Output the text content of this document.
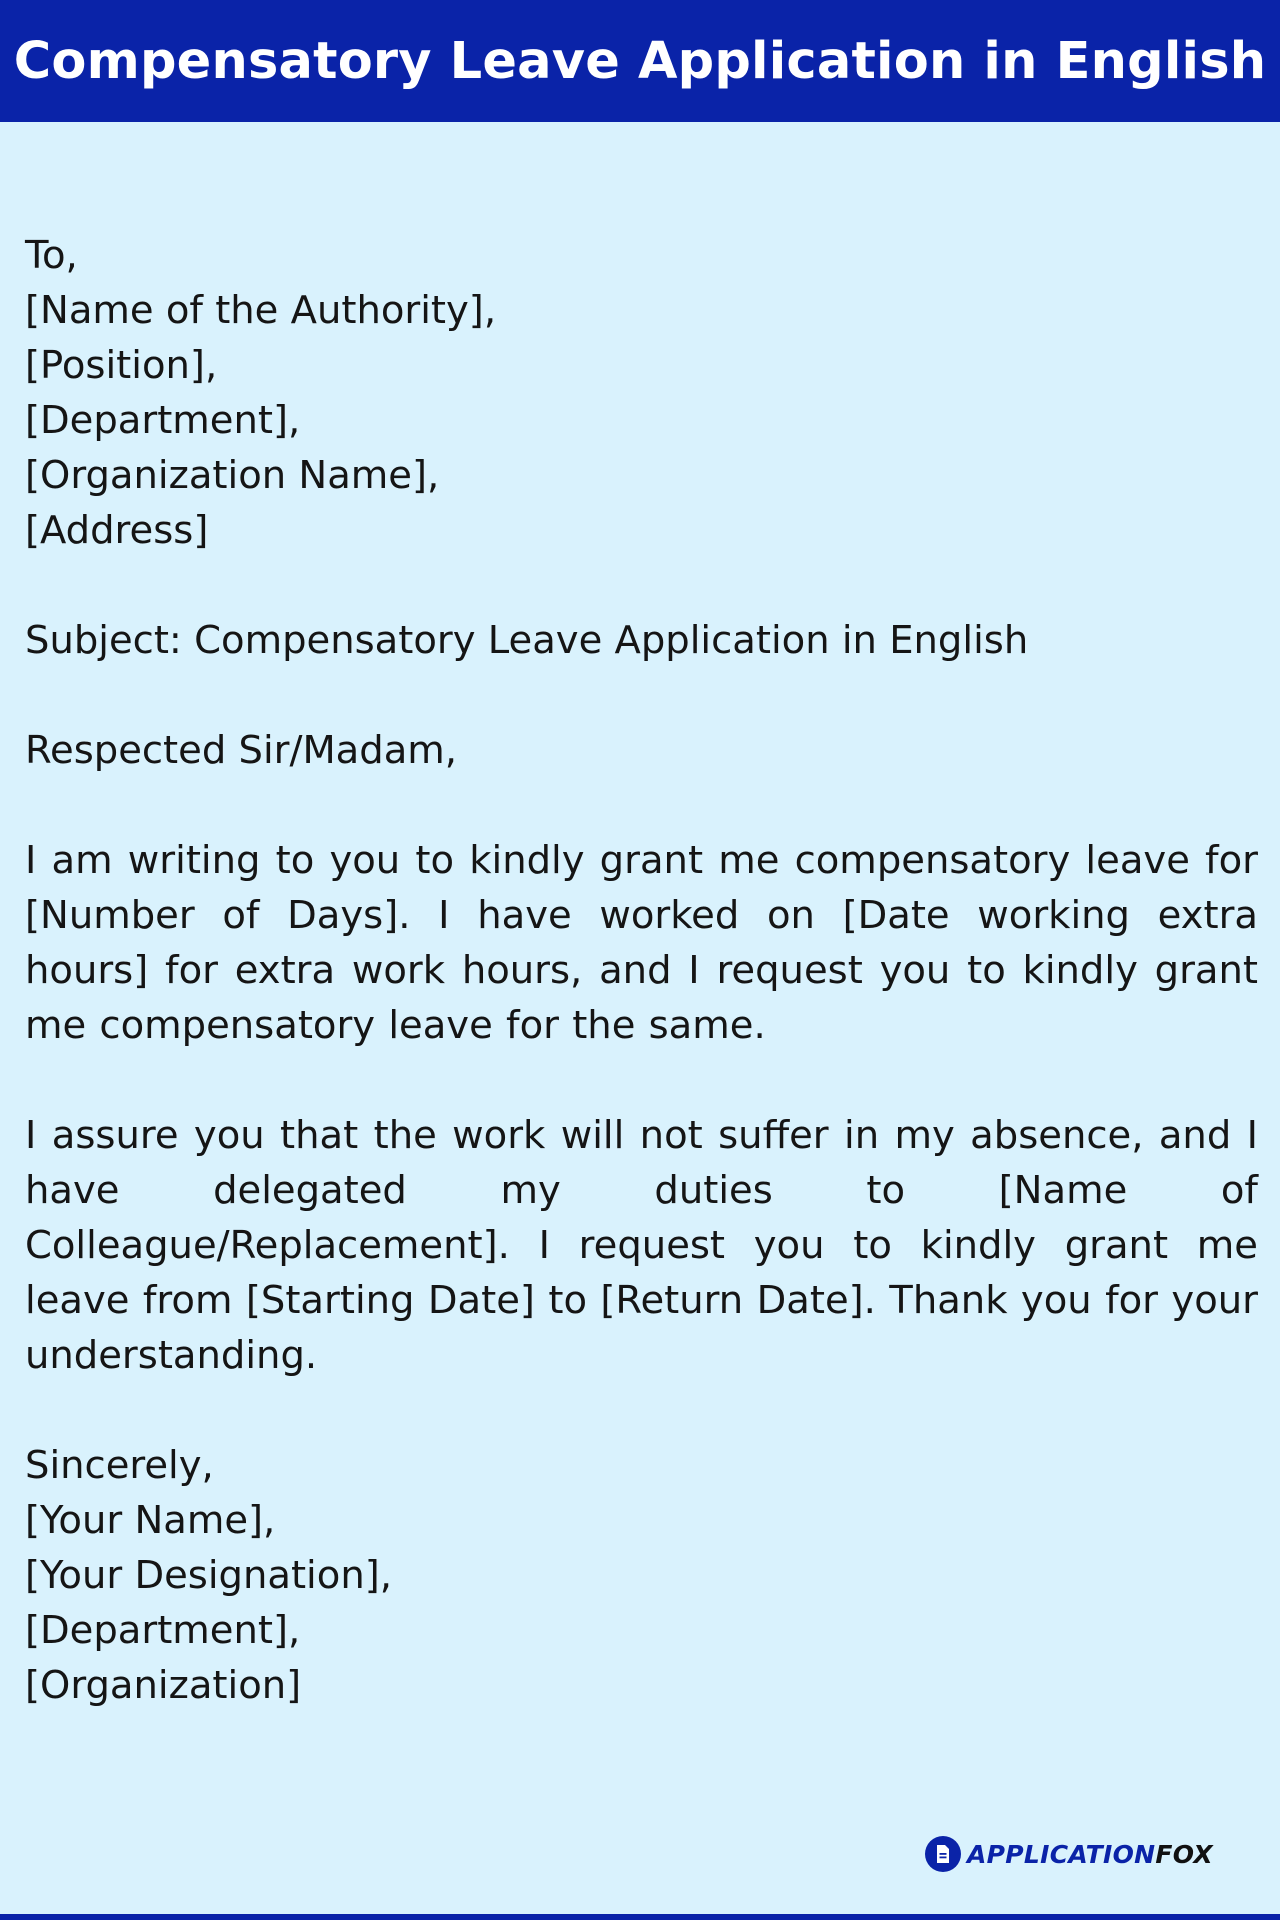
Compensatory Leave Application in English
To,
[Name of the Authority],
[Position],
[Department],
[Organization Name],
[Address]
Subject: Compensatory Leave Application in English
Respected Sir/Madam,
I am writing to you to kindly grant me compensatory leave for [Number of Days]. I have worked on [Date working extra hours] for extra work hours, and I request you to kindly grant me compensatory leave for the same.
I assure you that the work will not suffer in my absence, and I have delegated my duties to [Name of Colleague/Replacement]. I request you to kindly grant me leave from [Starting Date] to [Return Date]. Thank you for your understanding.
Sincerely,
[Your Name],
[Your Designation],
[Department],
[Organization]
APPLICATIONFOX
